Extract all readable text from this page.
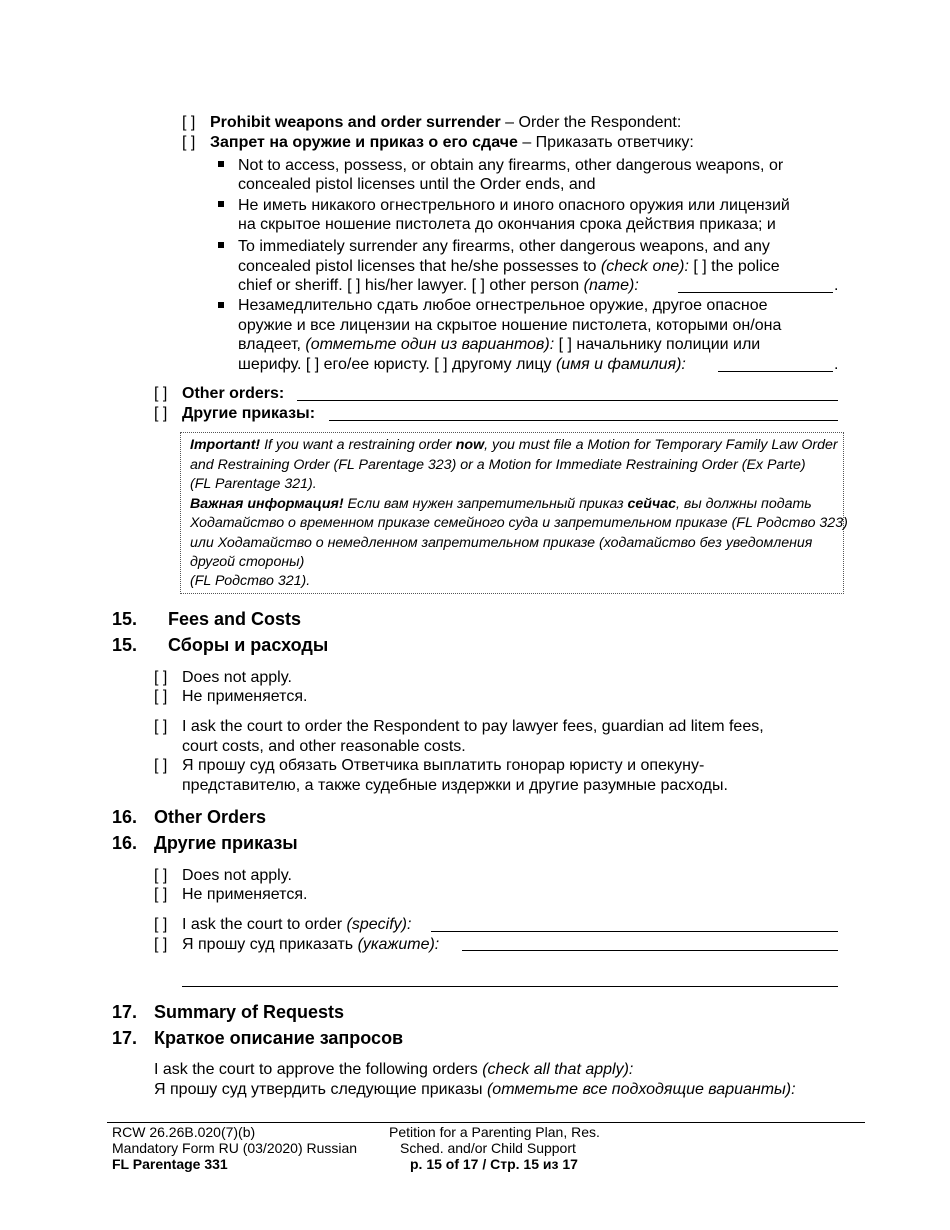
[ ] Prohibit weapons and order surrender – Order the Respondent:
[ ] Запрет на оружие и приказ о его сдаче – Приказать ответчику:
Not to access, possess, or obtain any firearms, other dangerous weapons, or
concealed pistol licenses until the Order ends, and
Не иметь никакого огнестрельного и иного опасного оружия или лицензий
на скрытое ношение пистолета до окончания срока действия приказа; и
To immediately surrender any firearms, other dangerous weapons, and any
concealed pistol licenses that he/she possesses to (check one): [ ] the police
chief or sheriff. [ ] his/her lawyer. [ ] other person (name):	.
Незамедлительно сдать любое огнестрельное оружие, другое опасное
оружие и все лицензии на скрытое ношение пистолета, которыми он/она
владеет, (отметьте один из вариантов): [ ] начальнику полиции или
шерифу. [ ] его/ее юристу. [ ] другому лицу (имя и фамилия):	.
[ ] Other orders:
[ ] Другие приказы:
Important! If you want a restraining order now, you must file a Motion for Temporary Family Law Order
and Restraining Order (FL Parentage 323) or a Motion for Immediate Restraining Order (Ex Parte)
(FL Parentage 321).
Важная информация! Если вам нужен запретительный приказ сейчас, вы должны подать
Ходатайство о временном приказе семейного суда и запретительном приказе (FL Родство 323)
или Ходатайство о немедленном запретительном приказе (ходатайство без уведомления
другой стороны)
(FL Родство 321).
15. Fees and Costs
15. Сборы и расходы
[ ] Does not apply.
[ ] Не применяется.
[ ] I ask the court to order the Respondent to pay lawyer fees, guardian ad litem fees,
court costs, and other reasonable costs.
[ ] Я прошу суд обязать Ответчика выплатить гонорар юристу и опекуну-
представителю, а также судебные издержки и другие разумные расходы.
16. Other Orders
16. Другие приказы
[ ] Does not apply.
[ ] Не применяется.
[ ] I ask the court to order (specify):
[ ] Я прошу суд приказать (укажите):
17. Summary of Requests
17. Краткое описание запросов
I ask the court to approve the following orders (check all that apply):
Я прошу суд утвердить следующие приказы (отметьте все подходящие варианты):
RCW 26.26B.020(7)(b)
Mandatory Form RU (03/2020) Russian
FL Parentage 331
Petition for a Parenting Plan, Res.
Sched. and/or Child Support
p. 15 of 17 / Стр. 15 из 17
